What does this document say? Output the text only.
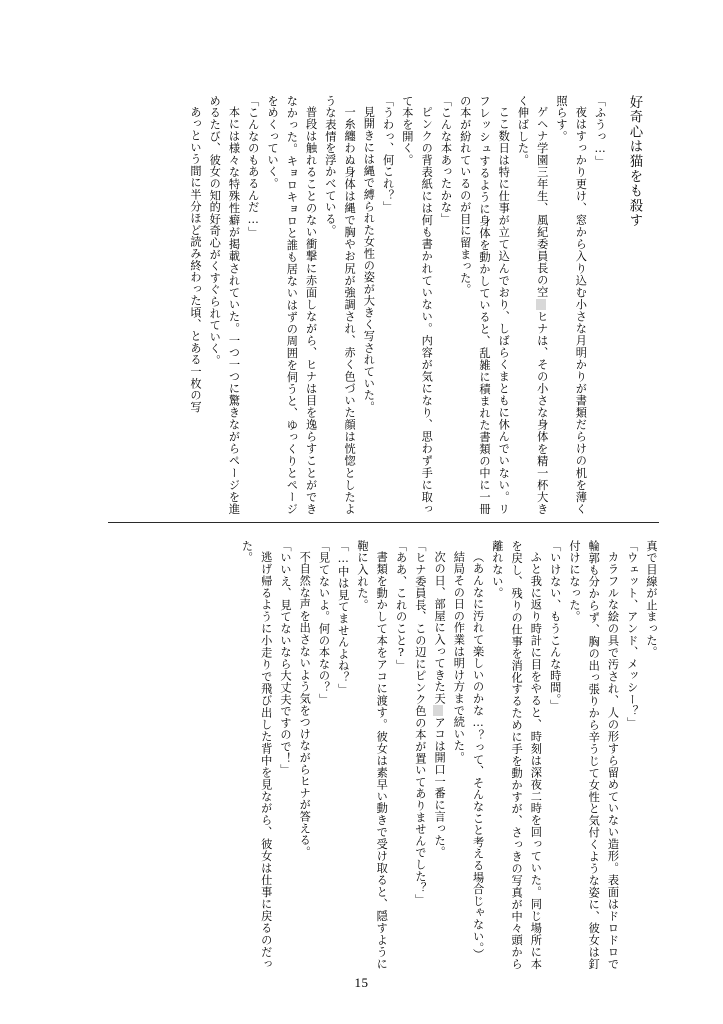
好奇心は猫をも殺す
「ふうっ…」
夜はすっかり更け、窓から入り込む小さな月明かりが書類だらけの机を薄く照らす。
ゲヘナ学園三年生、風紀委員長の空ヒナは、その小さな身体を精一杯大きく伸ばした。
ここ数日は特に仕事が立て込んでおり、しばらくまともに休んでいない。リフレッシュするように身体を動かしていると、乱雑に積まれた書類の中に一冊の本が紛れているのが目に留まった。
「こんな本あったかな」
ピンクの背表紙には何も書かれていない。内容が気になり、思わず手に取って本を開く。
「うわっ、何これ？」
見開きには縄で縛られた女性の姿が大きく写されていた。
一糸纏わぬ身体は縄で胸やお尻が強調され、赤く色づいた顔は恍惚としたような表情を浮かべている。
普段は触れることのない衝撃に赤面しながら、ヒナは目を逸らすことができなかった。キョロキョロと誰も居ないはずの周囲を伺うと、ゆっくりとページをめくっていく。
「こんなのもあるんだ…」
本には様々な特殊性癖が掲載されていた。一つ一つに驚きながらページを進めるたび、彼女の知的好奇心がくすぐられていく。
あっという間に半分ほど読み終わった頃、とある一枚の写
真で目線が止まった。
「ウェット、アンド、メッシー？」
カラフルな絵の具で汚され、人の形すら留めていない造形。表面はドロドロで輪郭も分からず、胸の出っ張りから辛うじて女性と気付くような姿に、彼女は釘付けになった。
「いけない、もうこんな時間。」
ふと我に返り時計に目をやると、時刻は深夜二時を回っていた。同じ場所に本を戻し、残りの仕事を消化するために手を動かすが、さっきの写真が中々頭から離れない。
（あんなに汚れて楽しいのかな…？って、そんなこと考える場合じゃない。）
結局その日の作業は明け方まで続いた。
次の日、部屋に入ってきた天アコは開口一番に言った。
「ヒナ委員長、この辺にピンク色の本が置いてありませんでした？」
「ああ、これのこと?」
書類を動かして本をアコに渡す。彼女は素早い動きで受け取ると、隠すように鞄に入れた。
「…中は見てませんよね？」
「見てないよ。何の本なの？」
不自然な声を出さないよう気をつけながらヒナが答える。
「いいえ、見てないなら大丈夫ですので！」
逃げ帰るように小走りで飛び出した背中を見ながら、彼女は仕事に戻るのだった。
15
